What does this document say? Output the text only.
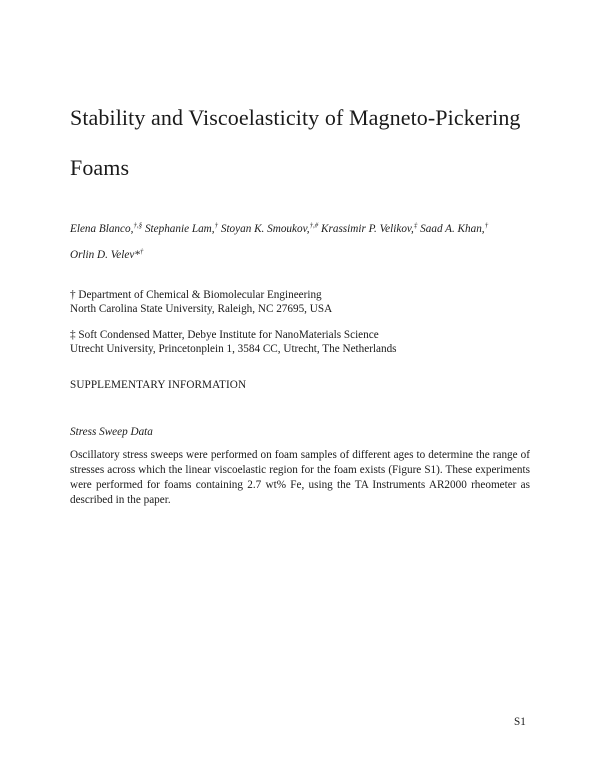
Stability and Viscoelasticity of Magneto-Pickering
Foams
Elena Blanco,†,§ Stephanie Lam,† Stoyan K. Smoukov,†,# Krassimir P. Velikov,‡ Saad A. Khan,†
Orlin D. Velev*†
† Department of Chemical & Biomolecular Engineering
North Carolina State University, Raleigh, NC 27695, USA
‡ Soft Condensed Matter, Debye Institute for NanoMaterials Science
Utrecht University, Princetonplein 1, 3584 CC, Utrecht, The Netherlands
SUPPLEMENTARY INFORMATION
Stress Sweep Data
Oscillatory stress sweeps were performed on foam samples of different ages to determine the range of stresses across which the linear viscoelastic region for the foam exists (Figure S1). These experiments were performed for foams containing 2.7 wt% Fe, using the TA Instruments AR2000 rheometer as described in the paper.
S1
